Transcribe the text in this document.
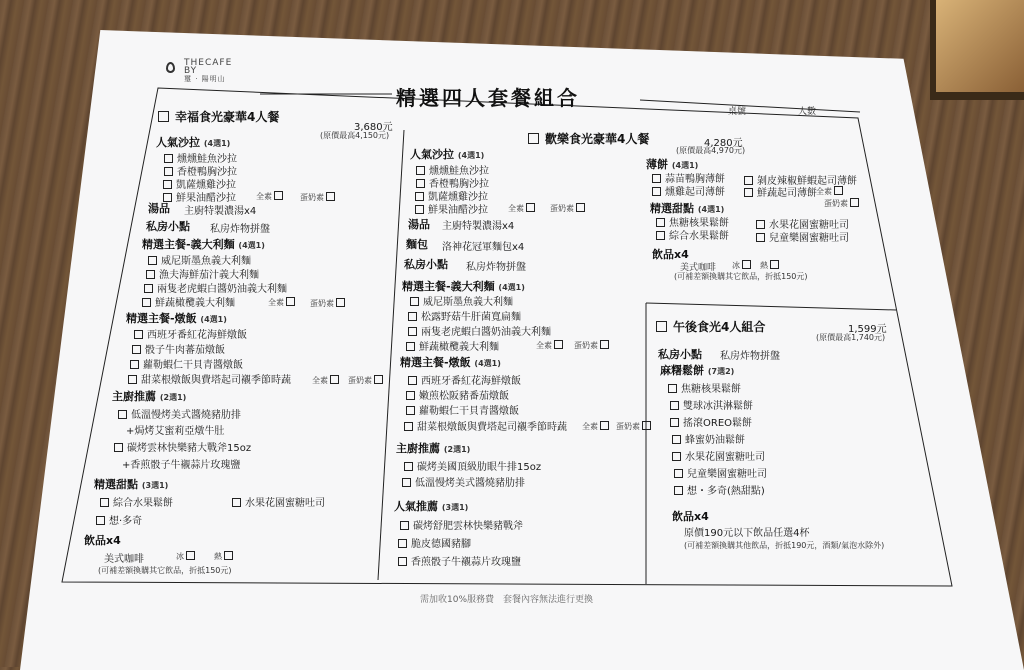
THECAFE
BY
璽 · 陽明山
精選四人套餐組合
桌號	人數
幸福食光豪華4人餐
3,680元
(原價最高4,150元)
人氣沙拉 (4選1)
燻燻鮭魚沙拉
香橙鴨胸沙拉
凱薩燻雞沙拉
鮮果油醋沙拉	全素	蛋奶素
湯品 主廚特製濃湯x4
私房小點 私房炸物拼盤
精選主餐-義大利麵 (4選1)
威尼斯墨魚義大利麵
漁夫海鮮茄汁義大利麵
兩隻老虎蝦白醬奶油義大利麵
鮮蔬橄欖義大利麵	全素	蛋奶素
精選主餐-燉飯 (4選1)
西班牙番紅花海鮮燉飯
骰子牛肉蕃茄燉飯
蘿勒蝦仁干貝青醬燉飯
甜菜根燉飯與費塔起司襯季節時蔬	全素	蛋奶素
主廚推薦 (2選1)
低溫慢烤美式醬燒豬肋排
+焗烤艾蜜莉亞燉牛肚
碳烤雲林快樂豬大戰斧15oz
+香煎骰子牛襯蒜片玫瑰鹽
精選甜點 (3選1)
綜合水果鬆餅	水果花園蜜糖吐司
想·多奇
飲品x4
美式咖啡	冰	熱
(可補差額換購其它飲品，折抵150元)
歡樂食光豪華4人餐	4,280元
(原價最高4,970元)
人氣沙拉 (4選1)
燻燻鮭魚沙拉
香橙鴨胸沙拉
凱薩燻雞沙拉
鮮果油醋沙拉	全素	蛋奶素
湯品 主廚特製濃湯x4
麵包 洛神花冠軍麵包x4
私房小點 私房炸物拼盤
精選主餐-義大利麵 (4選1)
威尼斯墨魚義大利麵
松露野菇牛肝菌寬扁麵
兩隻老虎蝦白醬奶油義大利麵
鮮蔬橄欖義大利麵	全素	蛋奶素
精選主餐-燉飯 (4選1)
西班牙番紅花海鮮燉飯
嫩煎松阪豬番茄燉飯
蘿勒蝦仁干貝青醬燉飯
甜菜根燉飯與費塔起司襯季節時蔬 全素	蛋奶素
主廚推薦 (2選1)
碳烤美國頂級肋眼牛排15oz
低溫慢烤美式醬燒豬肋排
人氣推薦 (3選1)
碳烤舒肥雲林快樂豬戰斧
脆皮德國豬腳
香煎骰子牛襯蒜片玫瑰鹽
薄餅 (4選1)
蒜苗鴨胸薄餅	剝皮辣椒鮮蝦起司薄餅
燻雞起司薄餅	鮮蔬起司薄餅 全素
蛋奶素
精選甜點 (4選1)
焦糖核果鬆餅	水果花園蜜糖吐司
綜合水果鬆餅	兒童樂園蜜糖吐司
飲品x4
美式咖啡 冰	熱
(可補差額換購其它飲品，折抵150元)
午後食光4人組合	1,599元
(原價最高1,740元)
私房小點 私房炸物拼盤
麻糬鬆餅 (7選2)
焦糖核果鬆餅
雙球冰淇淋鬆餅
搖滾OREO鬆餅
蜂蜜奶油鬆餅
水果花園蜜糖吐司
兒童樂園蜜糖吐司
想・多奇(熱甜點)
飲品x4
原價190元以下飲品任選4杯
(可補差額換購其他飲品，折抵190元，酒類/氣泡水除外)
需加收10%服務費　套餐內容無法進行更換
